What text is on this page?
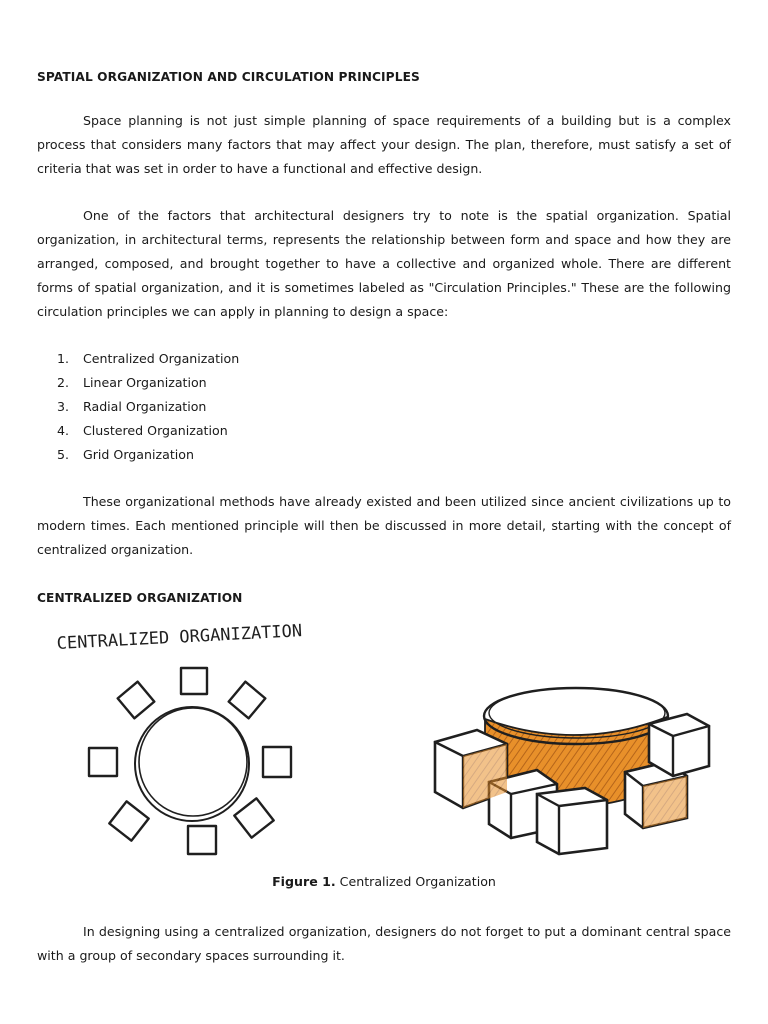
SPATIAL ORGANIZATION AND CIRCULATION PRINCIPLES

Space planning is not just simple planning of space requirements of a building but is a complex process that considers many factors that may affect your design. The plan, therefore, must satisfy a set of criteria that was set in order to have a functional and effective design.

One of the factors that architectural designers try to note is the spatial organization. Spatial organization, in architectural terms, represents the relationship between form and space and how they are arranged, composed, and brought together to have a collective and organized whole. There are different forms of spatial organization, and it is sometimes labeled as "Circulation Principles." These are the following circulation principles we can apply in planning to design a space:

1.	Centralized Organization
2.	Linear Organization
3.	Radial Organization
4.	Clustered Organization
5.	Grid Organization

These organizational methods have already existed and been utilized since ancient civilizations up to modern times. Each mentioned principle will then be discussed in more detail, starting with the concept of centralized organization.

CENTRALIZED ORGANIZATION
CENTRALIZED ORGANIZATION
Figure 1. Centralized Organization

In designing using a centralized organization, designers do not forget to put a dominant central space with a group of secondary spaces surrounding it.
